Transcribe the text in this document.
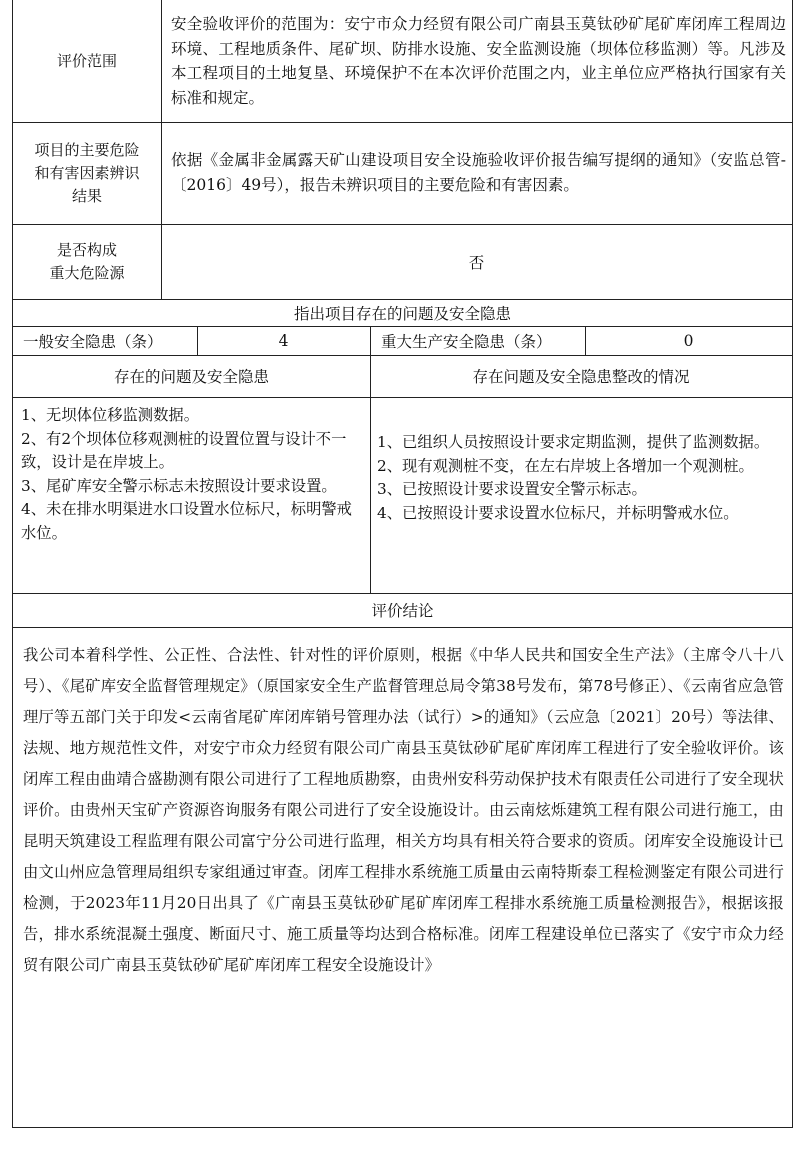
评价范围
安全验收评价的范围为：安宁市众力经贸有限公司广南县玉莫钛砂矿尾矿库闭库工程周边环境、工程地质条件、尾矿坝、防排水设施、安全监测设施（坝体位移监测）等。凡涉及本工程项目的土地复垦、环境保护不在本次评价范围之内，业主单位应严格执行国家有关标准和规定。
项目的主要危险
和有害因素辨识
结果
依据《金属非金属露天矿山建设项目安全设施验收评价报告编写提纲的通知》（安监总管-〔2016〕49号），报告未辨识项目的主要危险和有害因素。
是否构成
重大危险源
否
指出项目存在的问题及安全隐患
一般安全隐患（条）	4	重大生产安全隐患（条）	0
存在的问题及安全隐患	存在问题及安全隐患整改的情况
1、无坝体位移监测数据。
2、有2个坝体位移观测桩的设置位置与设计不一致，设计是在岸坡上。
3、尾矿库安全警示标志未按照设计要求设置。
4、未在排水明渠进水口设置水位标尺，标明警戒水位。
1、已组织人员按照设计要求定期监测，提供了监测数据。
2、现有观测桩不变，在左右岸坡上各增加一个观测桩。
3、已按照设计要求设置安全警示标志。
4、已按照设计要求设置水位标尺，并标明警戒水位。
评价结论
我公司本着科学性、公正性、合法性、针对性的评价原则，根据《中华人民共和国安全生产法》（主席令八十八号）、《尾矿库安全监督管理规定》（原国家安全生产监督管理总局令第38号发布，第78号修正）、《云南省应急管理厅等五部门关于印发<云南省尾矿库闭库销号管理办法（试行）>的通知》（云应急〔2021〕20号）等法律、法规、地方规范性文件，对安宁市众力经贸有限公司广南县玉莫钛砂矿尾矿库闭库工程进行了安全验收评价。该闭库工程由曲靖合盛勘测有限公司进行了工程地质勘察，由贵州安科劳动保护技术有限责任公司进行了安全现状评价。由贵州天宝矿产资源咨询服务有限公司进行了安全设施设计。由云南炫烁建筑工程有限公司进行施工，由昆明天筑建设工程监理有限公司富宁分公司进行监理，相关方均具有相关符合要求的资质。闭库安全设施设计已由文山州应急管理局组织专家组通过审查。闭库工程排水系统施工质量由云南特斯泰工程检测鉴定有限公司进行检测，于2023年11月20日出具了《广南县玉莫钛砂矿尾矿库闭库工程排水系统施工质量检测报告》，根据该报告，排水系统混凝土强度、断面尺寸、施工质量等均达到合格标准。闭库工程建设单位已落实了《安宁市众力经贸有限公司广南县玉莫钛砂矿尾矿库闭库工程安全设施设计》
